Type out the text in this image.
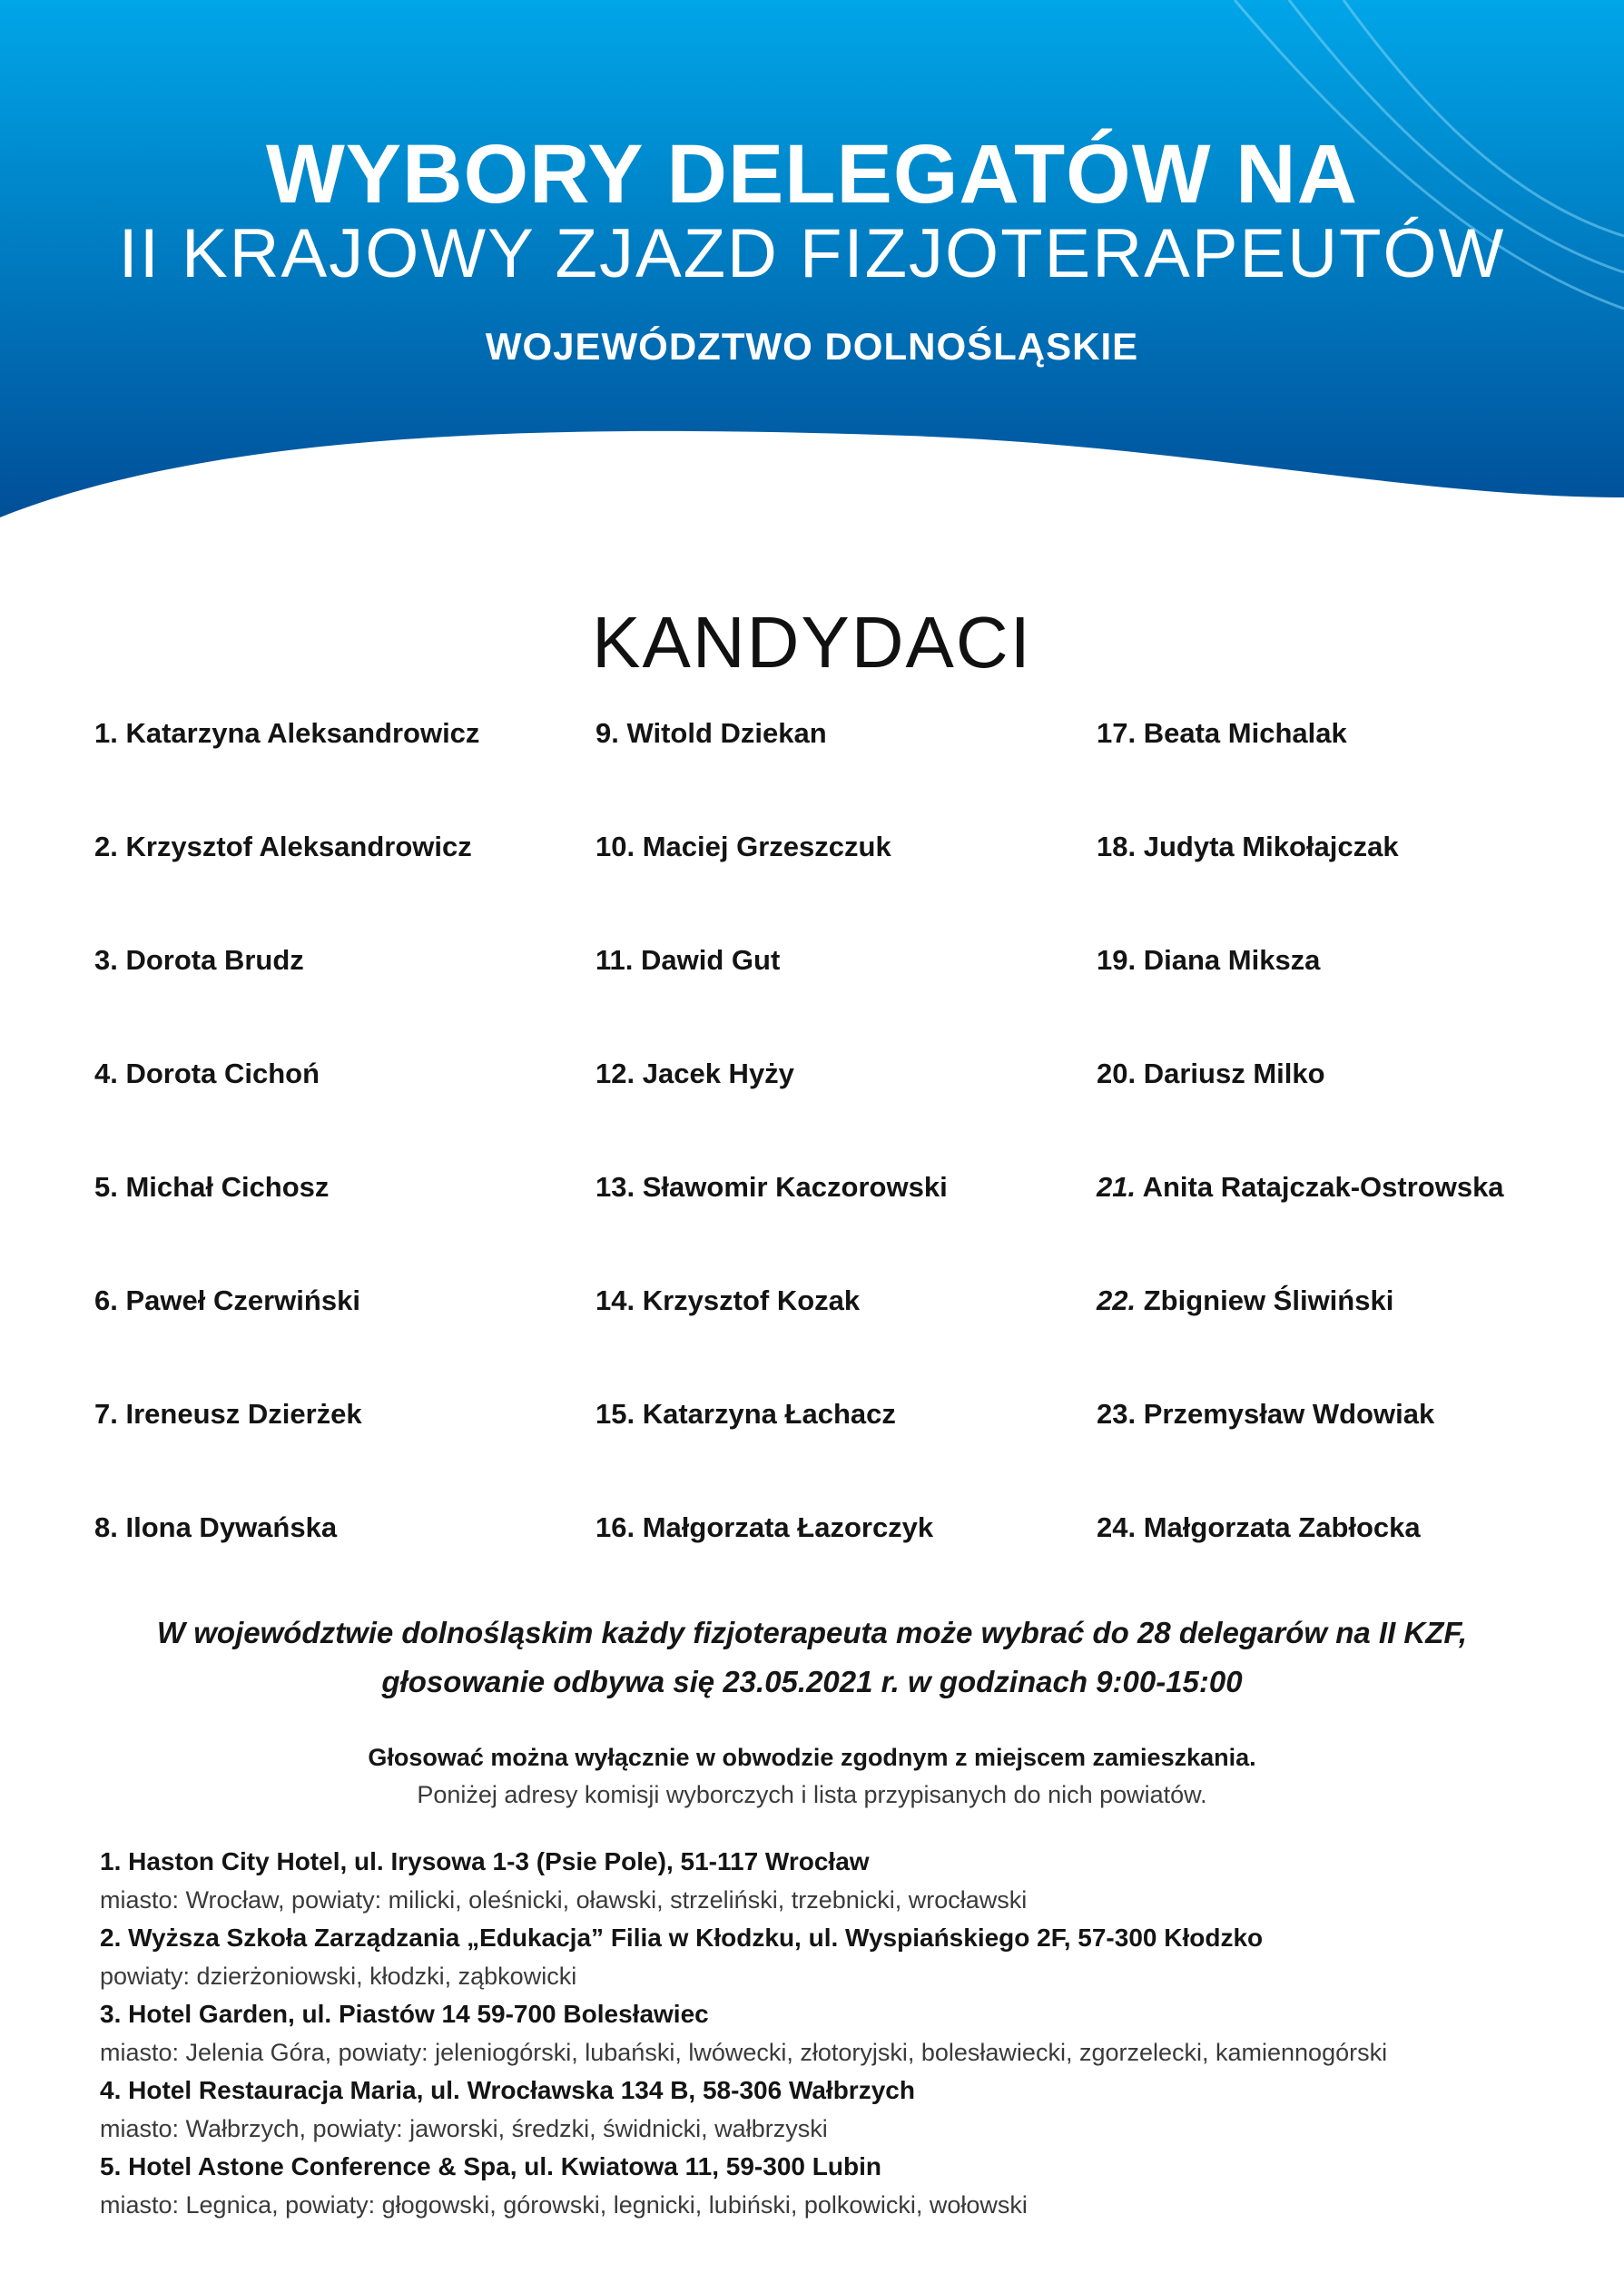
WYBORY DELEGATÓW NA
II KRAJOWY ZJAZD FIZJOTERAPEUTÓW
WOJEWÓDZTWO DOLNOŚLĄSKIE
KANDYDACI
1. Katarzyna Aleksandrowicz
2. Krzysztof Aleksandrowicz
3. Dorota Brudz
4. Dorota Cichoń
5. Michał Cichosz
6. Paweł Czerwiński
7. Ireneusz Dzierżek
8. Ilona Dywańska
9. Witold Dziekan
10. Maciej Grzeszczuk
11. Dawid Gut
12. Jacek Hyży
13. Sławomir Kaczorowski
14. Krzysztof Kozak
15. Katarzyna Łachacz
16. Małgorzata Łazorczyk
17. Beata Michalak
18. Judyta Mikołajczak
19. Diana Miksza
20. Dariusz Milko
21. Anita Ratajczak-Ostrowska
22. Zbigniew Śliwiński
23. Przemysław Wdowiak
24. Małgorzata Zabłocka
W województwie dolnośląskim każdy fizjoterapeuta może wybrać do 28 delegarów na II KZF,
głosowanie odbywa się 23.05.2021 r. w godzinach 9:00-15:00
Głosować można wyłącznie w obwodzie zgodnym z miejscem zamieszkania.
Poniżej adresy komisji wyborczych i lista przypisanych do nich powiatów.
1. Haston City Hotel, ul. Irysowa 1-3 (Psie Pole), 51-117 Wrocław
miasto: Wrocław, powiaty: milicki, oleśnicki, oławski, strzeliński, trzebnicki, wrocławski
2. Wyższa Szkoła Zarządzania „Edukacja” Filia w Kłodzku, ul. Wyspiańskiego 2F, 57-300 Kłodzko
powiaty: dzierżoniowski, kłodzki, ząbkowicki
3. Hotel Garden, ul. Piastów 14 59-700 Bolesławiec
miasto: Jelenia Góra, powiaty: jeleniogórski, lubański, lwówecki, złotoryjski, bolesławiecki, zgorzelecki, kamiennogórski
4. Hotel Restauracja Maria, ul. Wrocławska 134 B, 58-306 Wałbrzych
miasto: Wałbrzych, powiaty: jaworski, średzki, świdnicki, wałbrzyski
5. Hotel Astone Conference & Spa, ul. Kwiatowa 11, 59-300 Lubin
miasto: Legnica, powiaty: głogowski, górowski, legnicki, lubiński, polkowicki, wołowski
